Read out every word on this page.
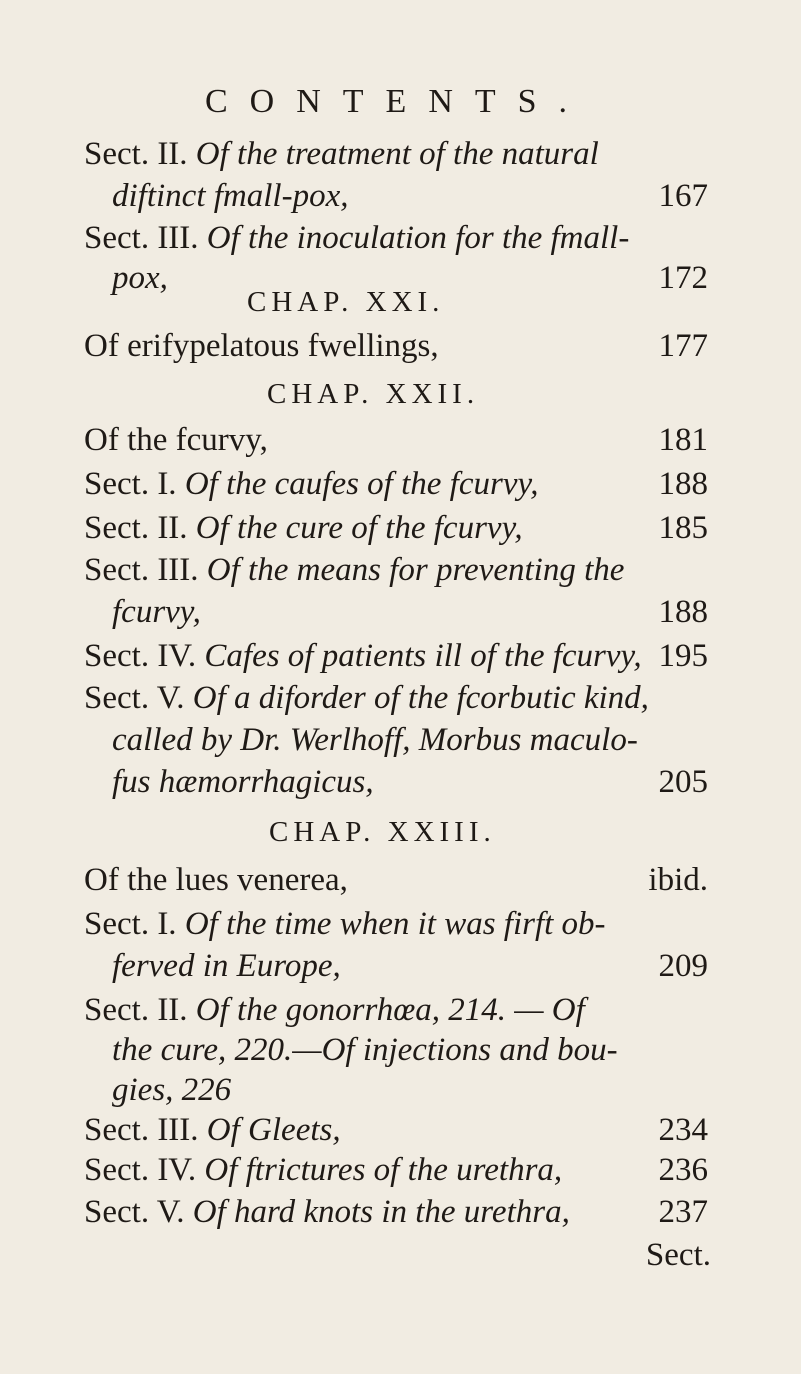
CONTENTS.
Sect. II. Of the treatment of the natural
diftinct fmall-pox,	167
Sect. III. Of the inoculation for the fmall-
pox,	172
CHAP. XXI.
Of erifypelatous fwellings,	177
CHAP. XXII.
Of the fcurvy,	181
Sect. I. Of the caufes of the fcurvy,	188
Sect. II. Of the cure of the fcurvy,	185
Sect. III. Of the means for preventing the
fcurvy,	188
Sect. IV. Cafes of patients ill of the fcurvy, 195
Sect. V. Of a diforder of the fcorbutic kind,
called by Dr. Werlhoff, Morbus maculo-
fus hæmorrhagicus,	205
CHAP. XXIII.
Of the lues venerea,	ibid.
Sect. I. Of the time when it was firft ob-
ferved in Europe,	209
Sect. II. Of the gonorrhœa, 214. — Of
the cure, 220.—Of injections and bou-
gies, 226
Sect. III. Of Gleets,	234
Sect. IV. Of ftrictures of the urethra,	236
Sect. V. Of hard knots in the urethra,	237
Sect.
